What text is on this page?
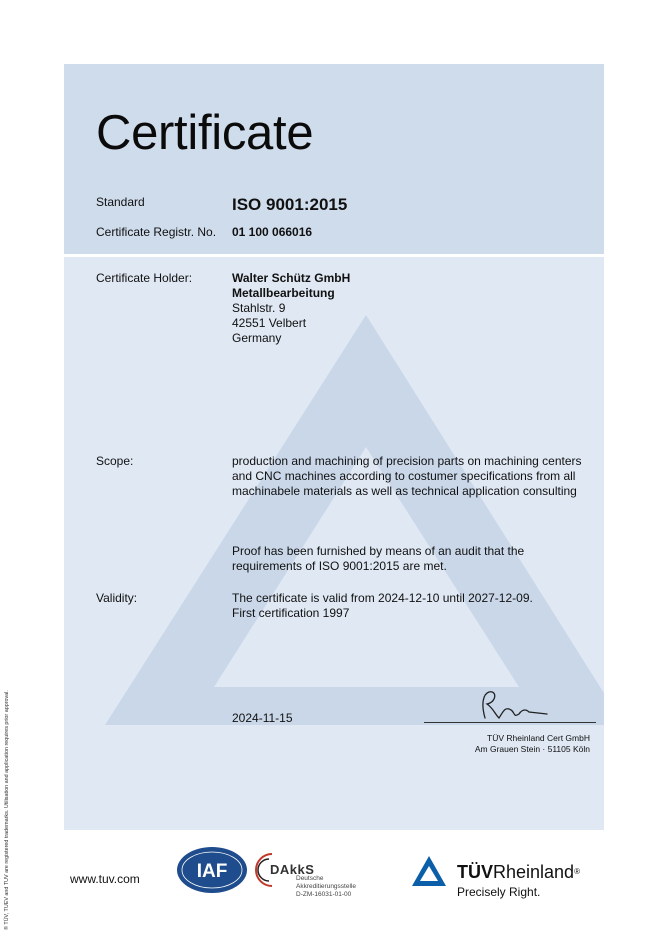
Certificate
Standard	ISO 9001:2015
Certificate Registr. No. 01 100 066016
Certificate Holder:	Walter Schütz GmbH
Metallbearbeitung
Stahlstr. 9
42551 Velbert
Germany
Scope:	production and machining of precision parts on machining centers
and CNC machines according to costumer specifications from all
machinabele materials as well as technical application consulting
Proof has been furnished by means of an audit that the
requirements of ISO 9001:2015 are met.
Validity:	The certificate is valid from 2024-12-10 until 2027-12-09.
First certification 1997
2024-11-15
TÜV Rheinland Cert GmbH
Am Grauen Stein · 51105 Köln
® TÜV, TUEV and TUV are registered trademarks. Utilisation and application requires prior approval.	www.tuv.com	IAF	DAkkS
Deutsche
Akkreditierungsstelle
D-ZM-16031-01-00
TÜVRheinland®
Precisely Right.
